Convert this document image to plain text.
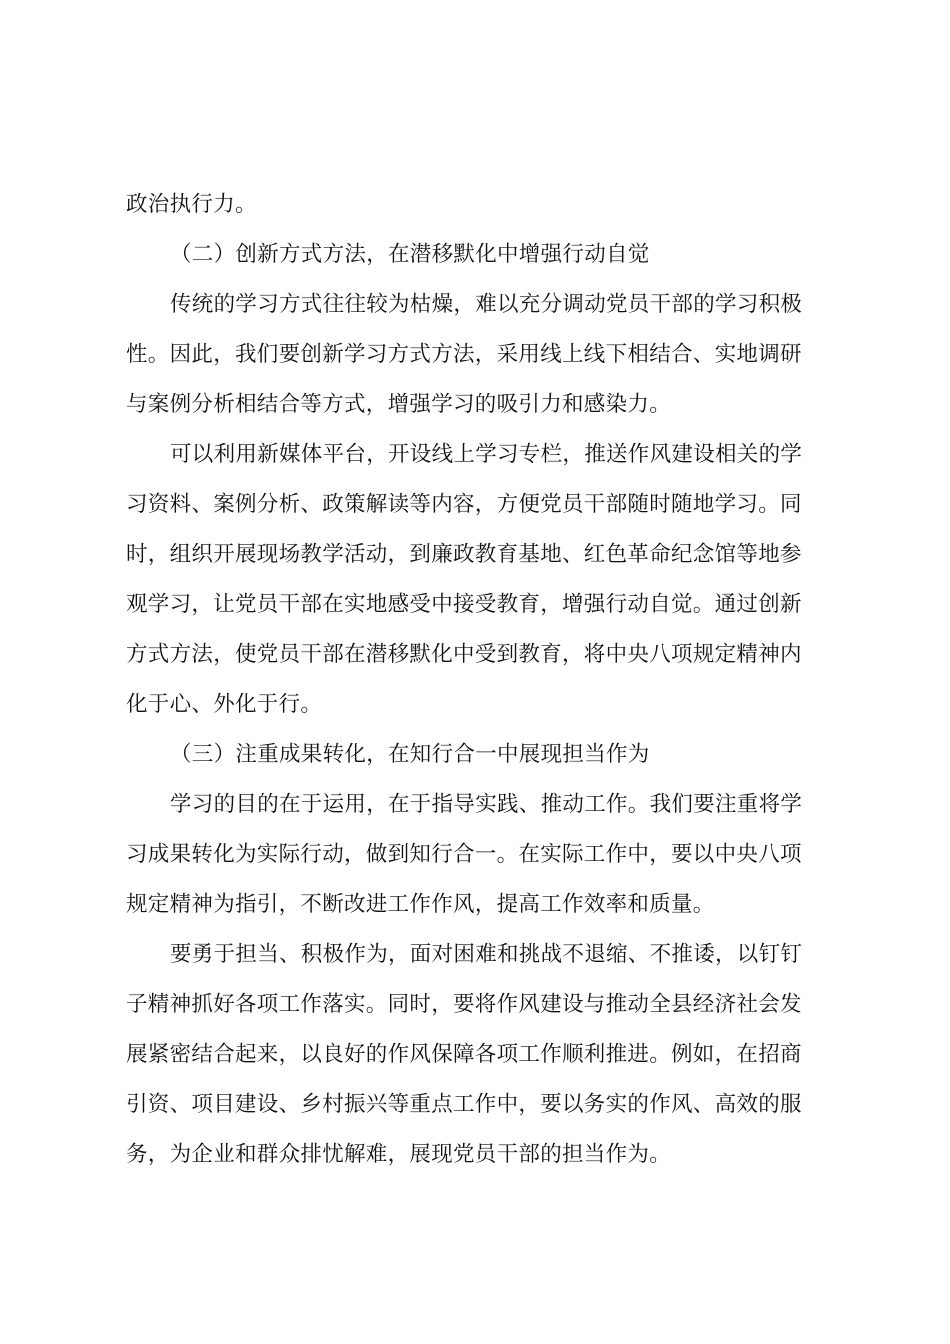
政治执行力。
（二）创新方式方法，在潜移默化中增强行动自觉
传统的学习方式往往较为枯燥，难以充分调动党员干部的学习积极
性。因此，我们要创新学习方式方法，采用线上线下相结合、实地调研
与案例分析相结合等方式，增强学习的吸引力和感染力。
可以利用新媒体平台，开设线上学习专栏，推送作风建设相关的学
习资料、案例分析、政策解读等内容，方便党员干部随时随地学习。同
时，组织开展现场教学活动，到廉政教育基地、红色革命纪念馆等地参
观学习，让党员干部在实地感受中接受教育，增强行动自觉。通过创新
方式方法，使党员干部在潜移默化中受到教育，将中央八项规定精神内
化于心、外化于行。
（三）注重成果转化，在知行合一中展现担当作为
学习的目的在于运用，在于指导实践、推动工作。我们要注重将学
习成果转化为实际行动，做到知行合一。在实际工作中，要以中央八项
规定精神为指引，不断改进工作作风，提高工作效率和质量。
要勇于担当、积极作为，面对困难和挑战不退缩、不推诿，以钉钉
子精神抓好各项工作落实。同时，要将作风建设与推动全县经济社会发
展紧密结合起来，以良好的作风保障各项工作顺利推进。例如，在招商
引资、项目建设、乡村振兴等重点工作中，要以务实的作风、高效的服
务，为企业和群众排忧解难，展现党员干部的担当作为。
